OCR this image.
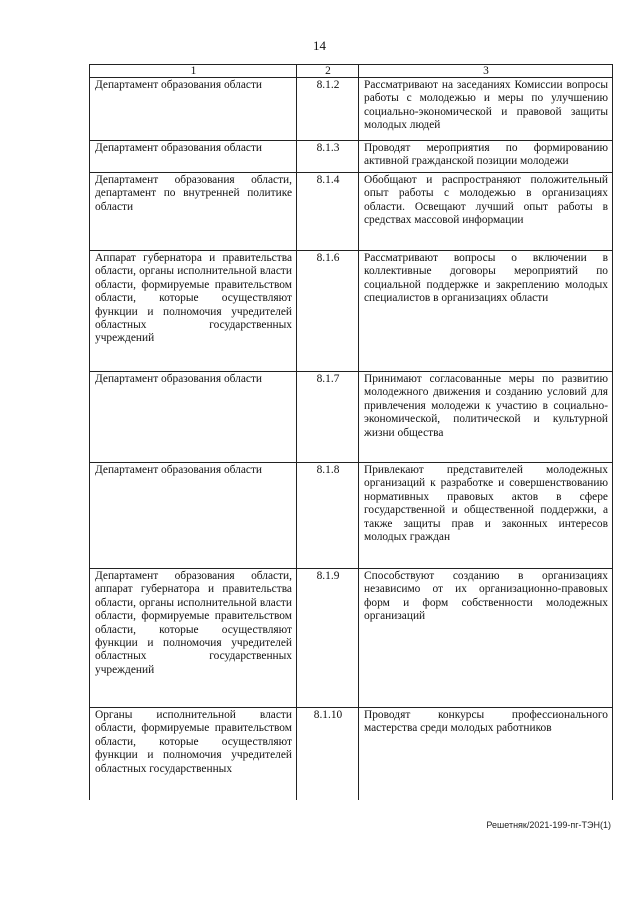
14
1	2	3
Департамент образования области	8.1.2	Рассматривают на заседаниях Комиссии вопросы работы с молодежью и меры по улучшению социально-экономической и правовой защиты молодых людей
Департамент образования области	8.1.3	Проводят мероприятия по формированию активной гражданской позиции молодежи
Департамент образования области, департамент по внутренней политике области	8.1.4	Обобщают и распространяют положительный опыт работы с молодежью в организациях области. Освещают лучший опыт работы в средствах массовой информации
Аппарат губернатора и правительства области, органы исполнительной власти области, формируемые правительством области, которые осуществляют функции и полномочия учредителей областных государственных учреждений	8.1.6	Рассматривают вопросы о включении в коллективные договоры мероприятий по социальной поддержке и закреплению молодых специалистов в организациях области
Департамент образования области	8.1.7	Принимают согласованные меры по развитию молодежного движения и созданию условий для привлечения молодежи к участию в социально-экономической, политической и культурной жизни общества
Департамент образования области	8.1.8	Привлекают представителей молодежных организаций к разработке и совершенствованию нормативных правовых актов в сфере государственной и общественной поддержки, а также защиты прав и законных интересов молодых граждан
Департамент образования области, аппарат губернатора и правительства области, органы исполнительной власти области, формируемые правительством области, которые осуществляют функции и полномочия учредителей областных государственных учреждений	8.1.9	Способствуют созданию в организациях независимо от их организационно-правовых форм и форм собственности молодежных организаций
Органы исполнительной власти области, формируемые правительством области, которые осуществляют функции и полномочия учредителей областных государственных	8.1.10	Проводят конкурсы профессионального мастерства среди молодых работников
Решетняк/2021-199-пг-ТЭН(1)
